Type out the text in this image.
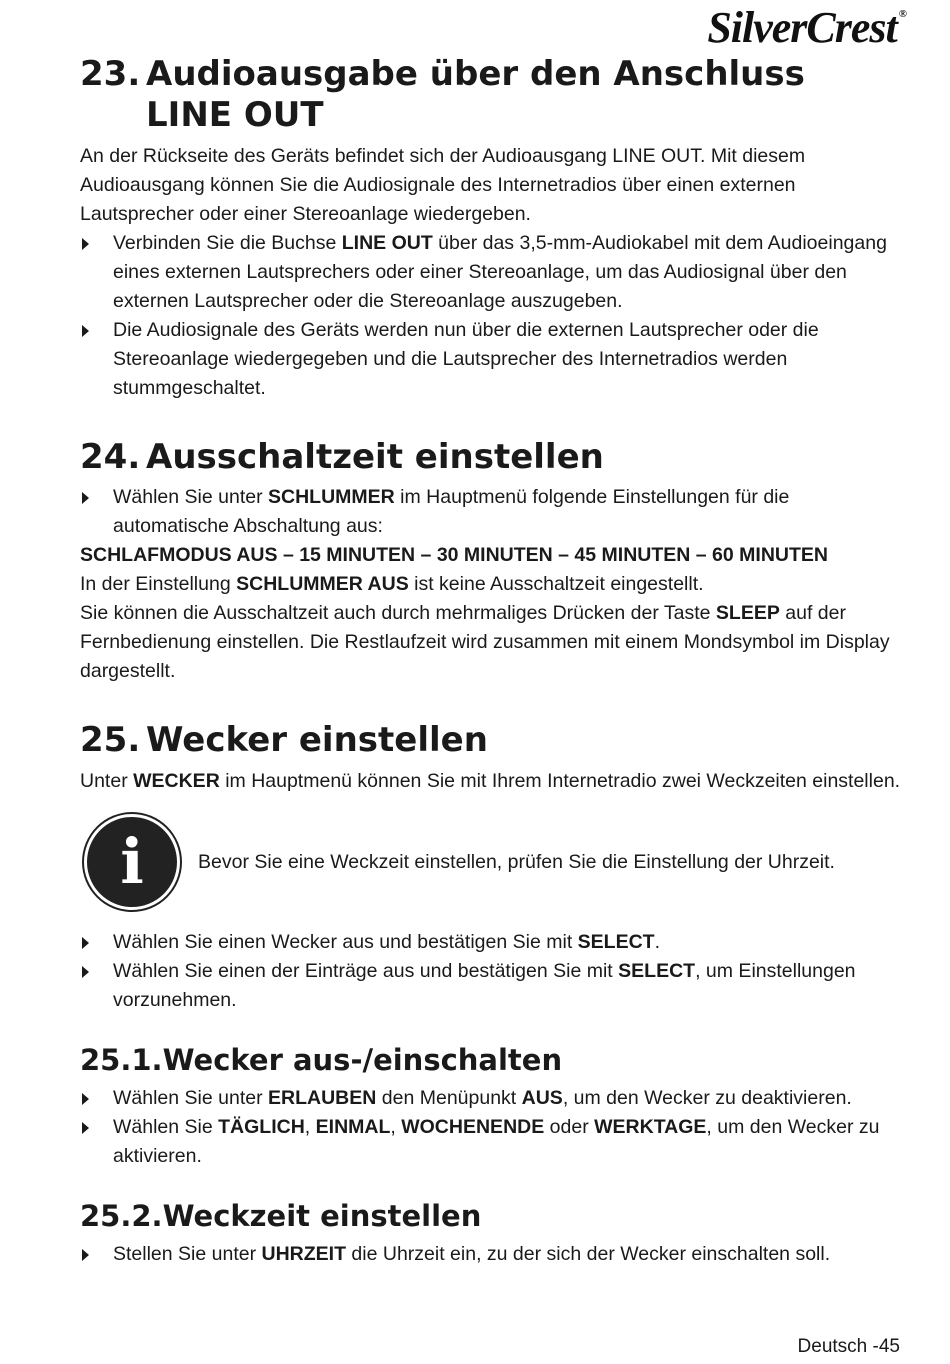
SilverCrest ®
23. Audioausgabe über den Anschluss LINE OUT

An der Rückseite des Geräts befindet sich der Audioausgang LINE OUT. Mit diesem Audioausgang können Sie die Audiosignale des Internetradios über einen externen Lautsprecher oder einer Stereoanlage wiedergeben.

Verbinden Sie die Buchse LINE OUT über das 3,5-mm-Audiokabel mit dem Audioeingang eines externen Lautsprechers oder einer Stereoanlage, um das Audiosignal über den externen Lautsprecher oder die Stereoanlage auszugeben.
Die Audiosignale des Geräts werden nun über die externen Lautsprecher oder die Stereoanlage wiedergegeben und die Lautsprecher des Internetradios werden stummgeschaltet.
24. Ausschaltzeit einstellen
Wählen Sie unter SCHLUMMER im Hauptmenü folgende Einstellungen für die automatische Abschaltung aus:

SCHLAFMODUS AUS – 15 MINUTEN – 30 MINUTEN – 45 MINUTEN – 60 MINUTEN

In der Einstellung SCHLUMMER AUS ist keine Ausschaltzeit eingestellt.

Sie können die Ausschaltzeit auch durch mehrmaliges Drücken der Taste SLEEP auf der Fernbedienung einstellen. Die Restlaufzeit wird zusammen mit einem Mondsymbol im Display dargestellt.

25. Wecker einstellen

Unter WECKER im Hauptmenü können Sie mit Ihrem Internetradio zwei Weckzeiten einstellen.

i	Bevor Sie eine Weckzeit einstellen, prüfen Sie die Einstellung der Uhrzeit.
Wählen Sie einen Wecker aus und bestätigen Sie mit SELECT.
Wählen Sie einen der Einträge aus und bestätigen Sie mit SELECT, um Einstellungen vorzunehmen.
25.1. Wecker aus-/einschalten
Wählen Sie unter ERLAUBEN den Menüpunkt AUS, um den Wecker zu deaktivieren.
Wählen Sie TÄGLICH, EINMAL, WOCHENENDE oder WERKTAGE, um den Wecker zu aktivieren.
25.2. Weckzeit einstellen
Stellen Sie unter UHRZEIT die Uhrzeit ein, zu der sich der Wecker einschalten soll.
Deutsch -45
